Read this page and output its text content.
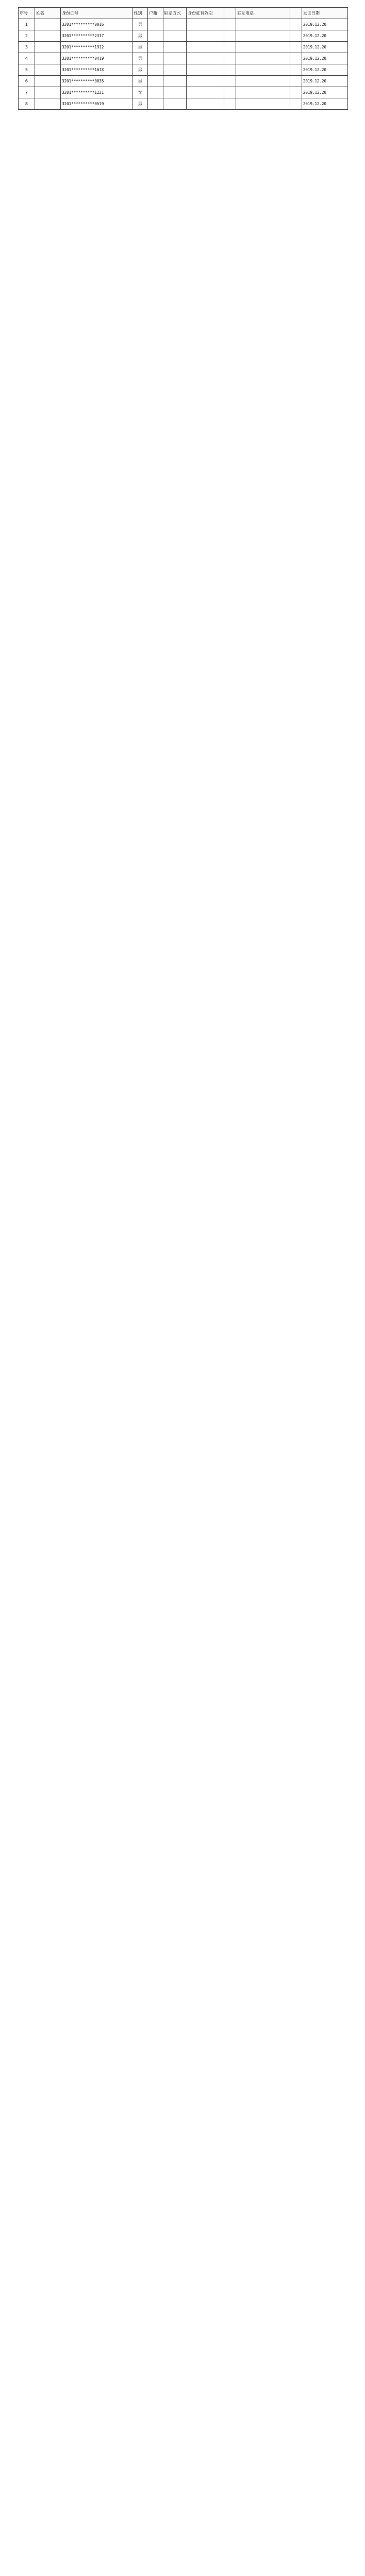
序号	姓名	身份证号	性别	户籍	联系方式	身份证有效期		联系电话		发证日期
1		3201**********0016	男							2019.12.20
2		3201**********2317	男							2019.12.20
3		3201**********1912	男							2019.12.20
4		3201**********0419	男							2019.12.20
5		3201**********161X	男							2019.12.20
6		3201**********0035	男							2019.12.20
7		3201**********1221	女							2019.12.20
8		3201**********0519	男							2019.12.20
